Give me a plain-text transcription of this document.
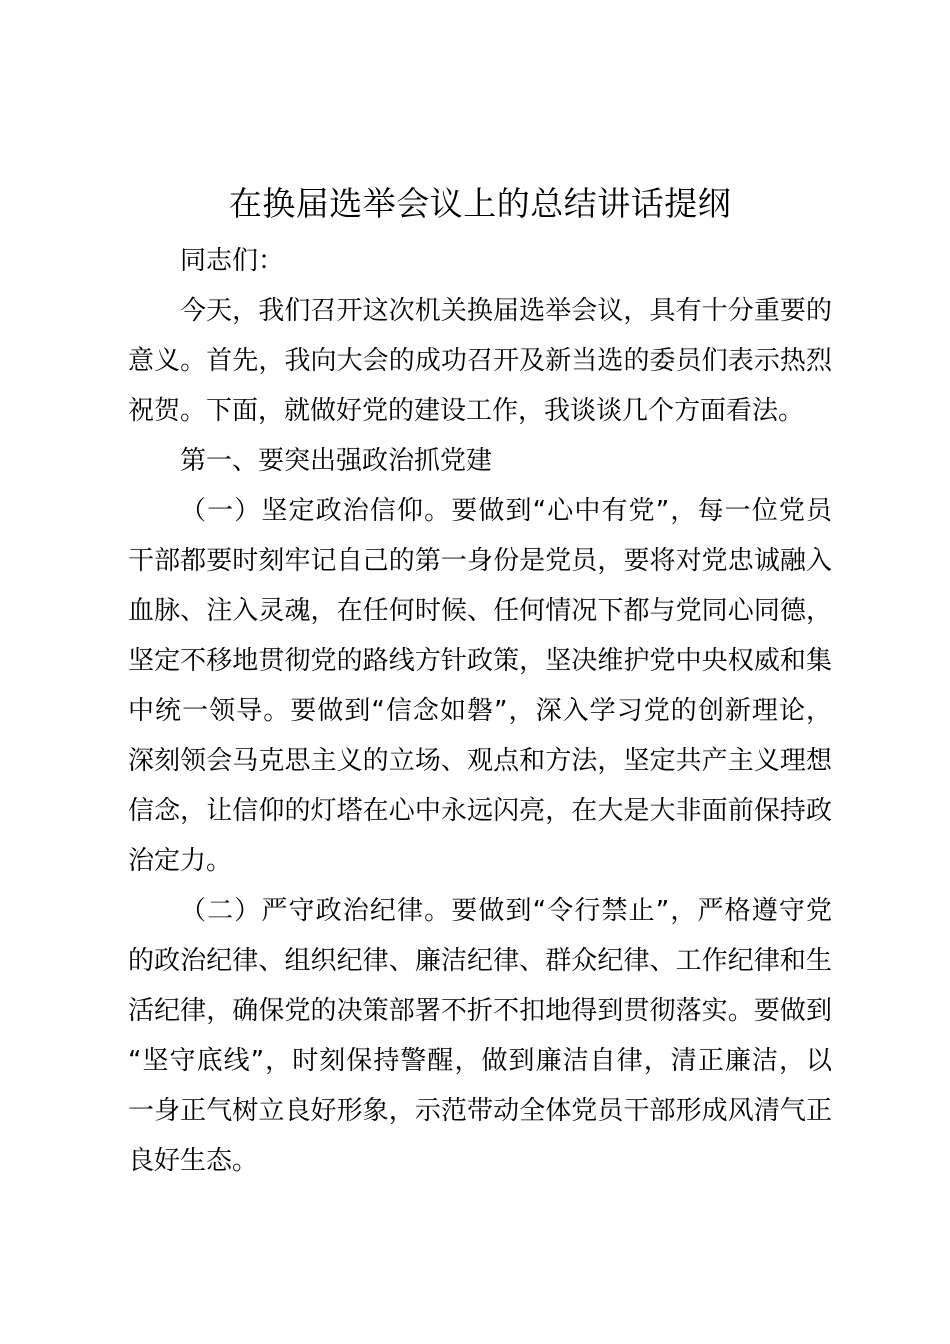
在换届选举会议上的总结讲话提纲
同志们：
今天，我们召开这次机关换届选举会议，具有十分重要的
意义。首先，我向大会的成功召开及新当选的委员们表示热烈
祝贺。下面，就做好党的建设工作，我谈谈几个方面看法。
第一、要突出强政治抓党建
（一）坚定政治信仰。要做到“心中有党”，每一位党员
干部都要时刻牢记自己的第一身份是党员，要将对党忠诚融入
血脉、注入灵魂，在任何时候、任何情况下都与党同心同德，
坚定不移地贯彻党的路线方针政策，坚决维护党中央权威和集
中统一领导。要做到“信念如磐”，深入学习党的创新理论，
深刻领会马克思主义的立场、观点和方法，坚定共产主义理想
信念，让信仰的灯塔在心中永远闪亮，在大是大非面前保持政
治定力。
（二）严守政治纪律。要做到“令行禁止”，严格遵守党
的政治纪律、组织纪律、廉洁纪律、群众纪律、工作纪律和生
活纪律，确保党的决策部署不折不扣地得到贯彻落实。要做到
“坚守底线”，时刻保持警醒，做到廉洁自律，清正廉洁，以
一身正气树立良好形象，示范带动全体党员干部形成风清气正
良好生态。
